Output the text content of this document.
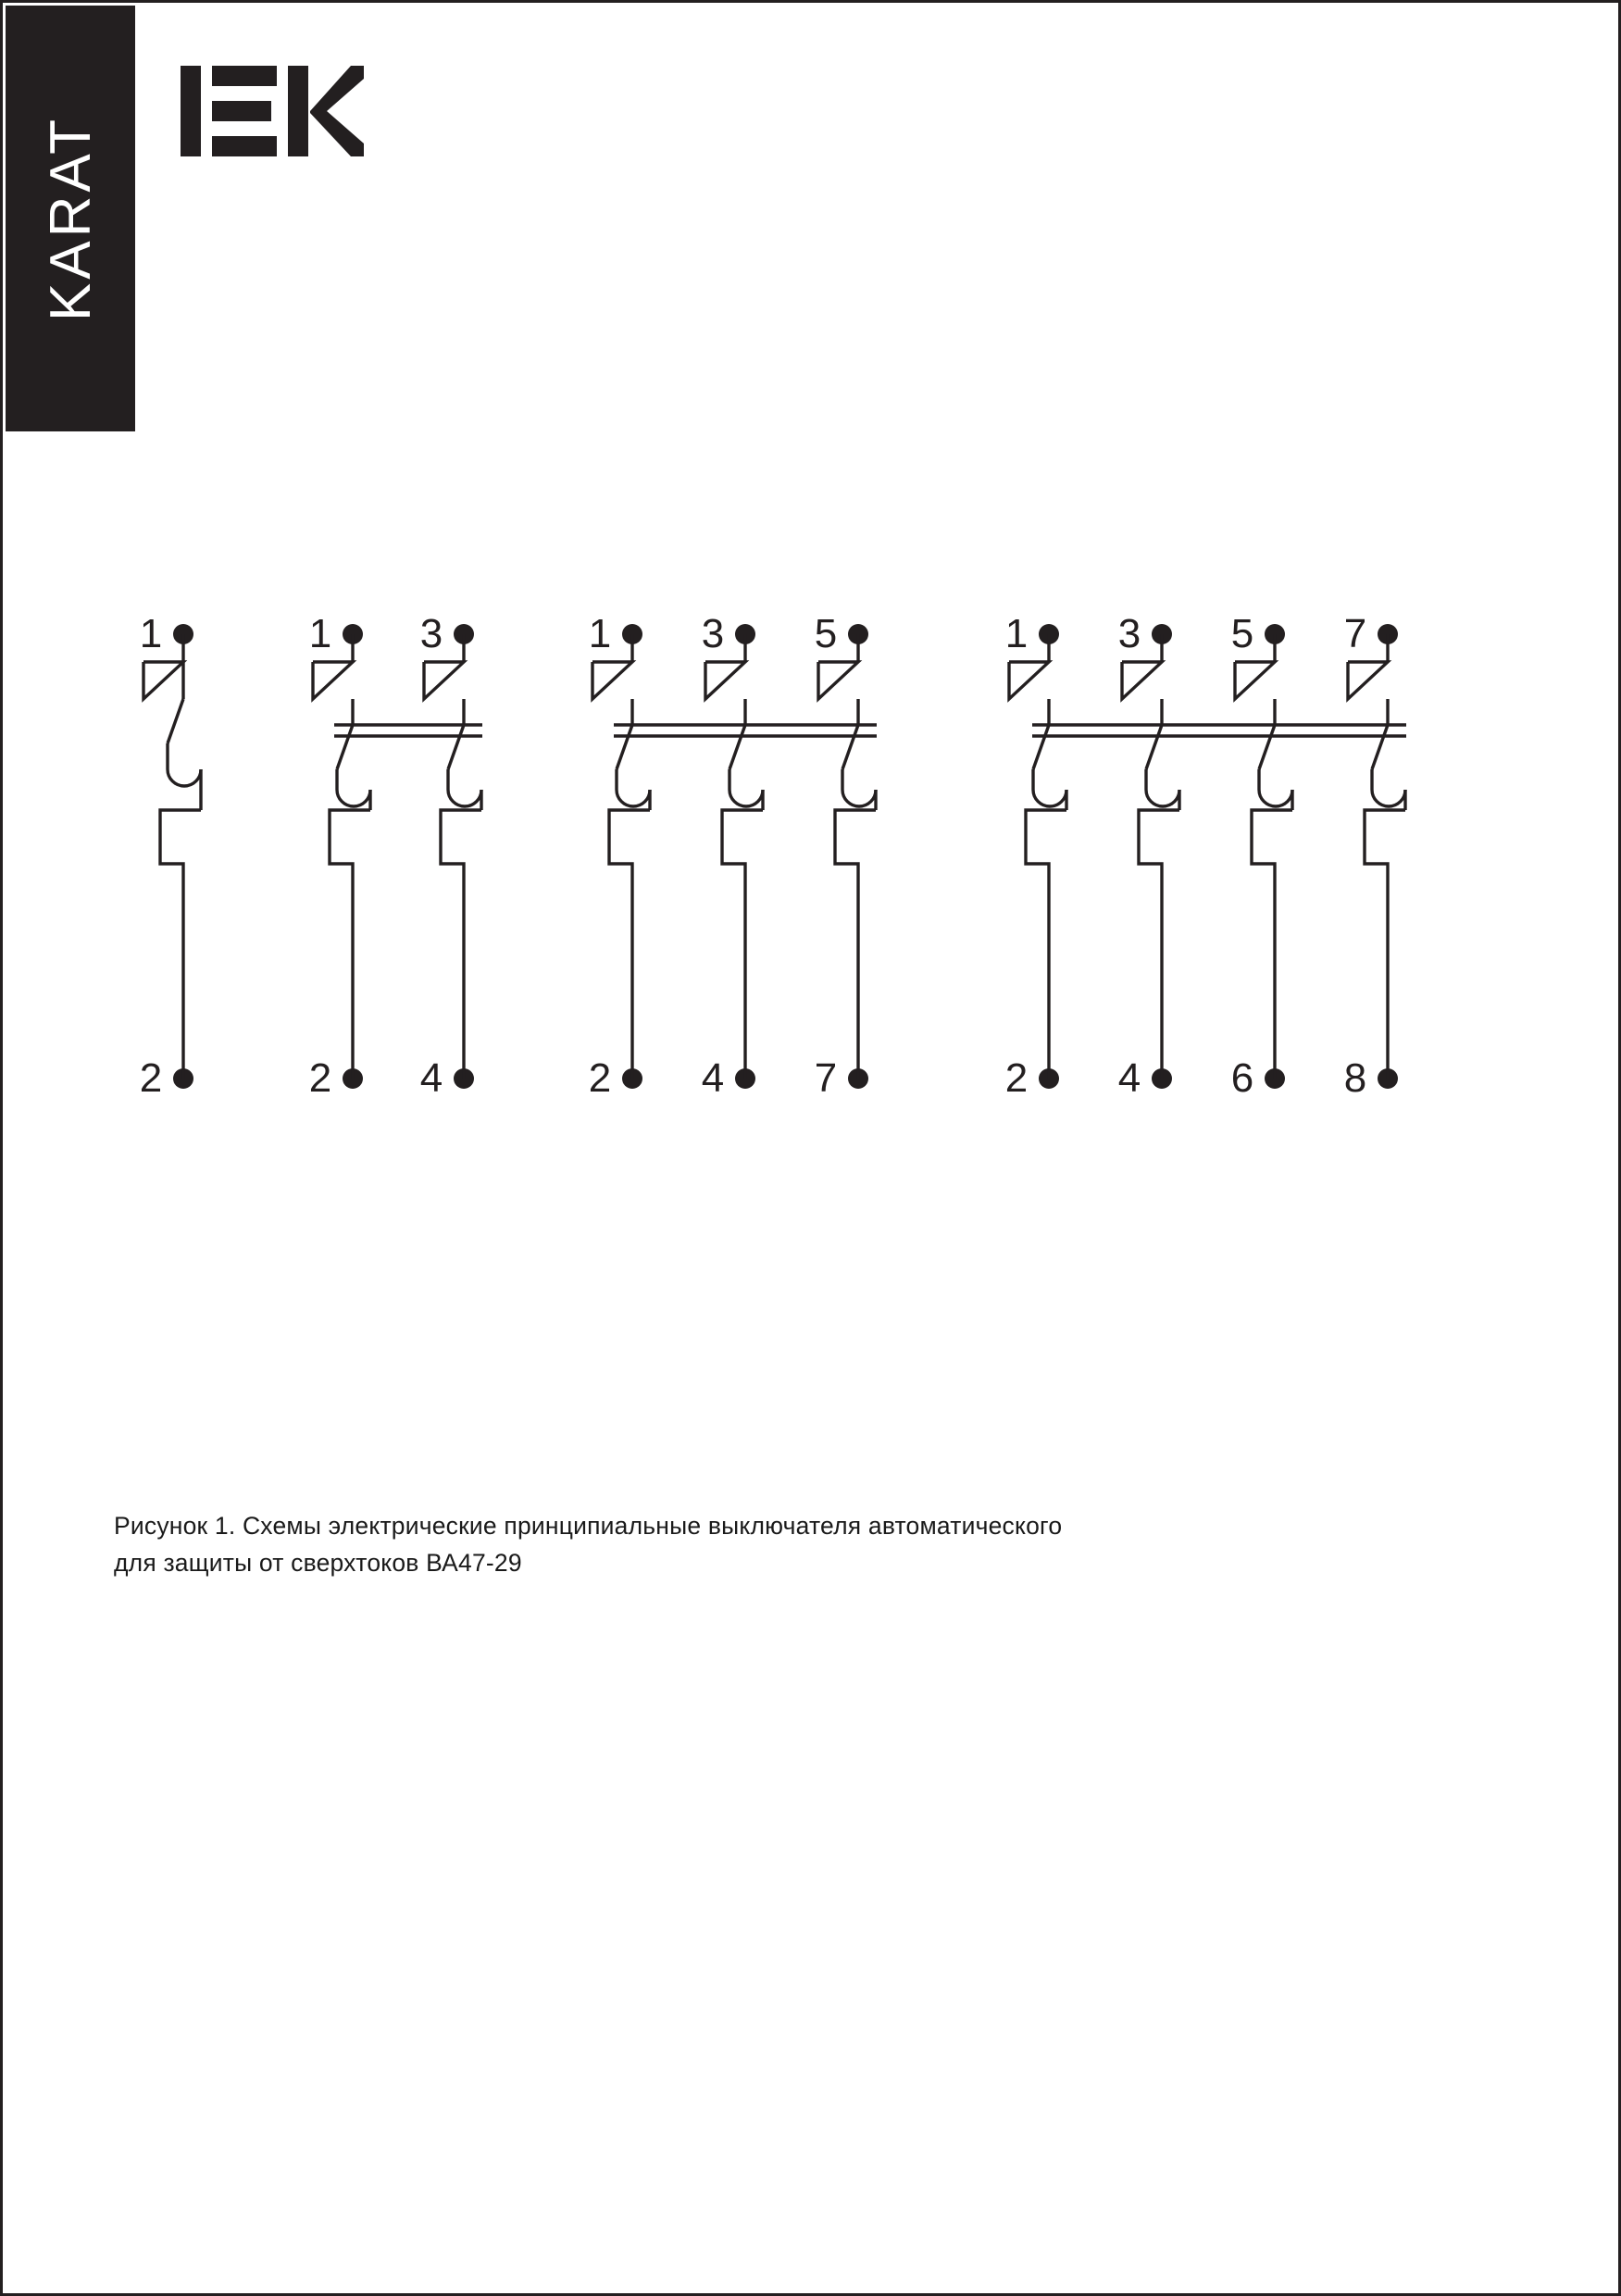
KARAT
1
2
1 3
2 4
1 3 5
2 4 7
1 3 5 7
2 4 6 8
Рисунок 1. Схемы электрические принципиальные выключателя автоматического
для защиты от сверхтоков ВА47-29
